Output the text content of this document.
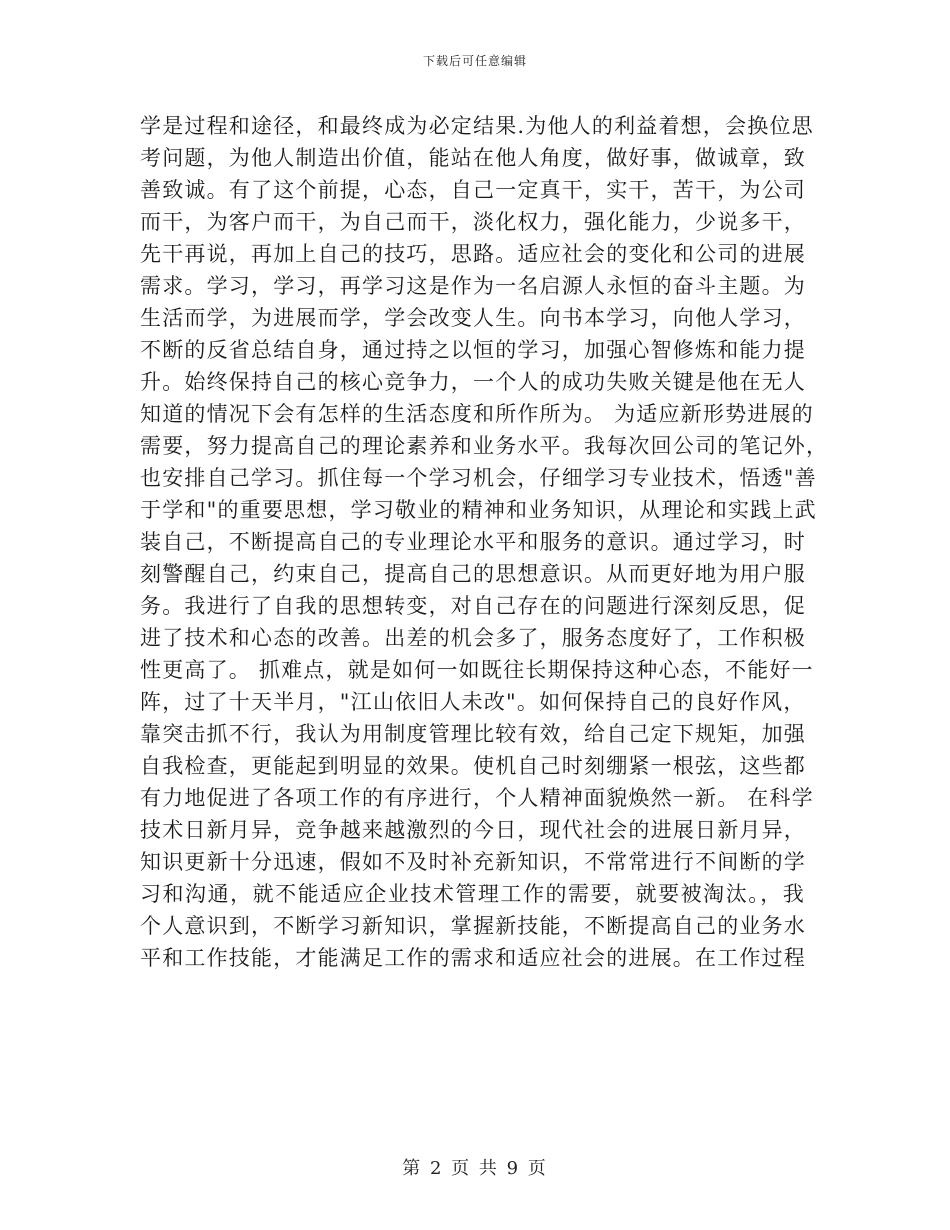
下载后可任意编辑
学是过程和途径，和最终成为必定结果.为他人的利益着想，会换位思
考问题，为他人制造出价值，能站在他人角度，做好事，做诚章，致
善致诚。有了这个前提，心态，自己一定真干，实干，苦干，为公司
而干，为客户而干，为自己而干，淡化权力，强化能力，少说多干，
先干再说，再加上自己的技巧，思路。适应社会的变化和公司的进展
需求。学习，学习，再学习这是作为一名启源人永恒的奋斗主题。为
生活而学，为进展而学，学会改变人生。向书本学习，向他人学习，
不断的反省总结自身，通过持之以恒的学习，加强心智修炼和能力提
升。始终保持自己的核心竞争力，一个人的成功失败关键是他在无人
知道的情况下会有怎样的生活态度和所作所为。 为适应新形势进展的
需要，努力提高自己的理论素养和业务水平。我每次回公司的笔记外，
也安排自己学习。抓住每一个学习机会，仔细学习专业技术，悟透"善
于学和"的重要思想，学习敬业的精神和业务知识，从理论和实践上武
装自己，不断提高自己的专业理论水平和服务的意识。通过学习，时
刻警醒自己，约束自己，提高自己的思想意识。从而更好地为用户服
务。我进行了自我的思想转变，对自己存在的问题进行深刻反思，促
进了技术和心态的改善。出差的机会多了，服务态度好了，工作积极
性更高了。 抓难点，就是如何一如既往长期保持这种心态，不能好一
阵，过了十天半月，"江山依旧人未改"。如何保持自己的良好作风，
靠突击抓不行，我认为用制度管理比较有效，给自己定下规矩，加强
自我检查，更能起到明显的效果。使机自己时刻绷紧一根弦，这些都
有力地促进了各项工作的有序进行，个人精神面貌焕然一新。 在科学
技术日新月异，竞争越来越激烈的今日，现代社会的进展日新月异，
知识更新十分迅速，假如不及时补充新知识，不常常进行不间断的学
习和沟通，就不能适应企业技术管理工作的需要，就要被淘汰。，我
个人意识到，不断学习新知识，掌握新技能，不断提高自己的业务水
平和工作技能，才能满足工作的需求和适应社会的进展。在工作过程
第 2 页 共 9 页
